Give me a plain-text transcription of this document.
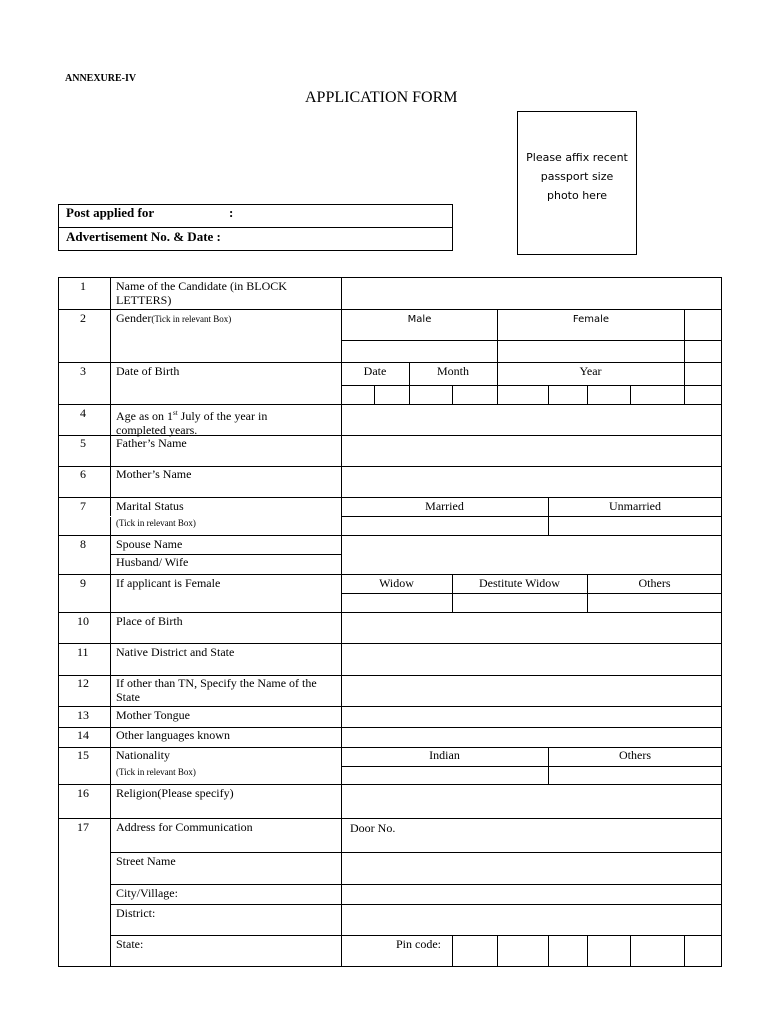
ANNEXURE-IV
APPLICATION FORM
Please affix recent
passport size
photo here
Post applied for	:
Advertisement No. & Date :
1	Name of the Candidate (in BLOCK LETTERS)
2	Gender(Tick in relevant Box)	Male	Female
3	Date of Birth	Date	Month	Year
4	Age as on 1st July of the year in
completed years.
5	Father’s Name
6	Mother’s Name
7	Marital Status
(Tick in relevant Box)
Married	Unmarried
8	Spouse Name
Husband/ Wife
9	If applicant is Female	Widow	Destitute Widow	Others
10 Place of Birth
11 Native District and State
12 If other than TN, Specify the Name of the State
13 Mother Tongue
14 Other languages known
15 Nationality
(Tick in relevant Box)
Indian	Others
16 Religion(Please specify)
17 Address for Communication	Door No.
Street Name
City/Village:
District:
State:	Pin code:
